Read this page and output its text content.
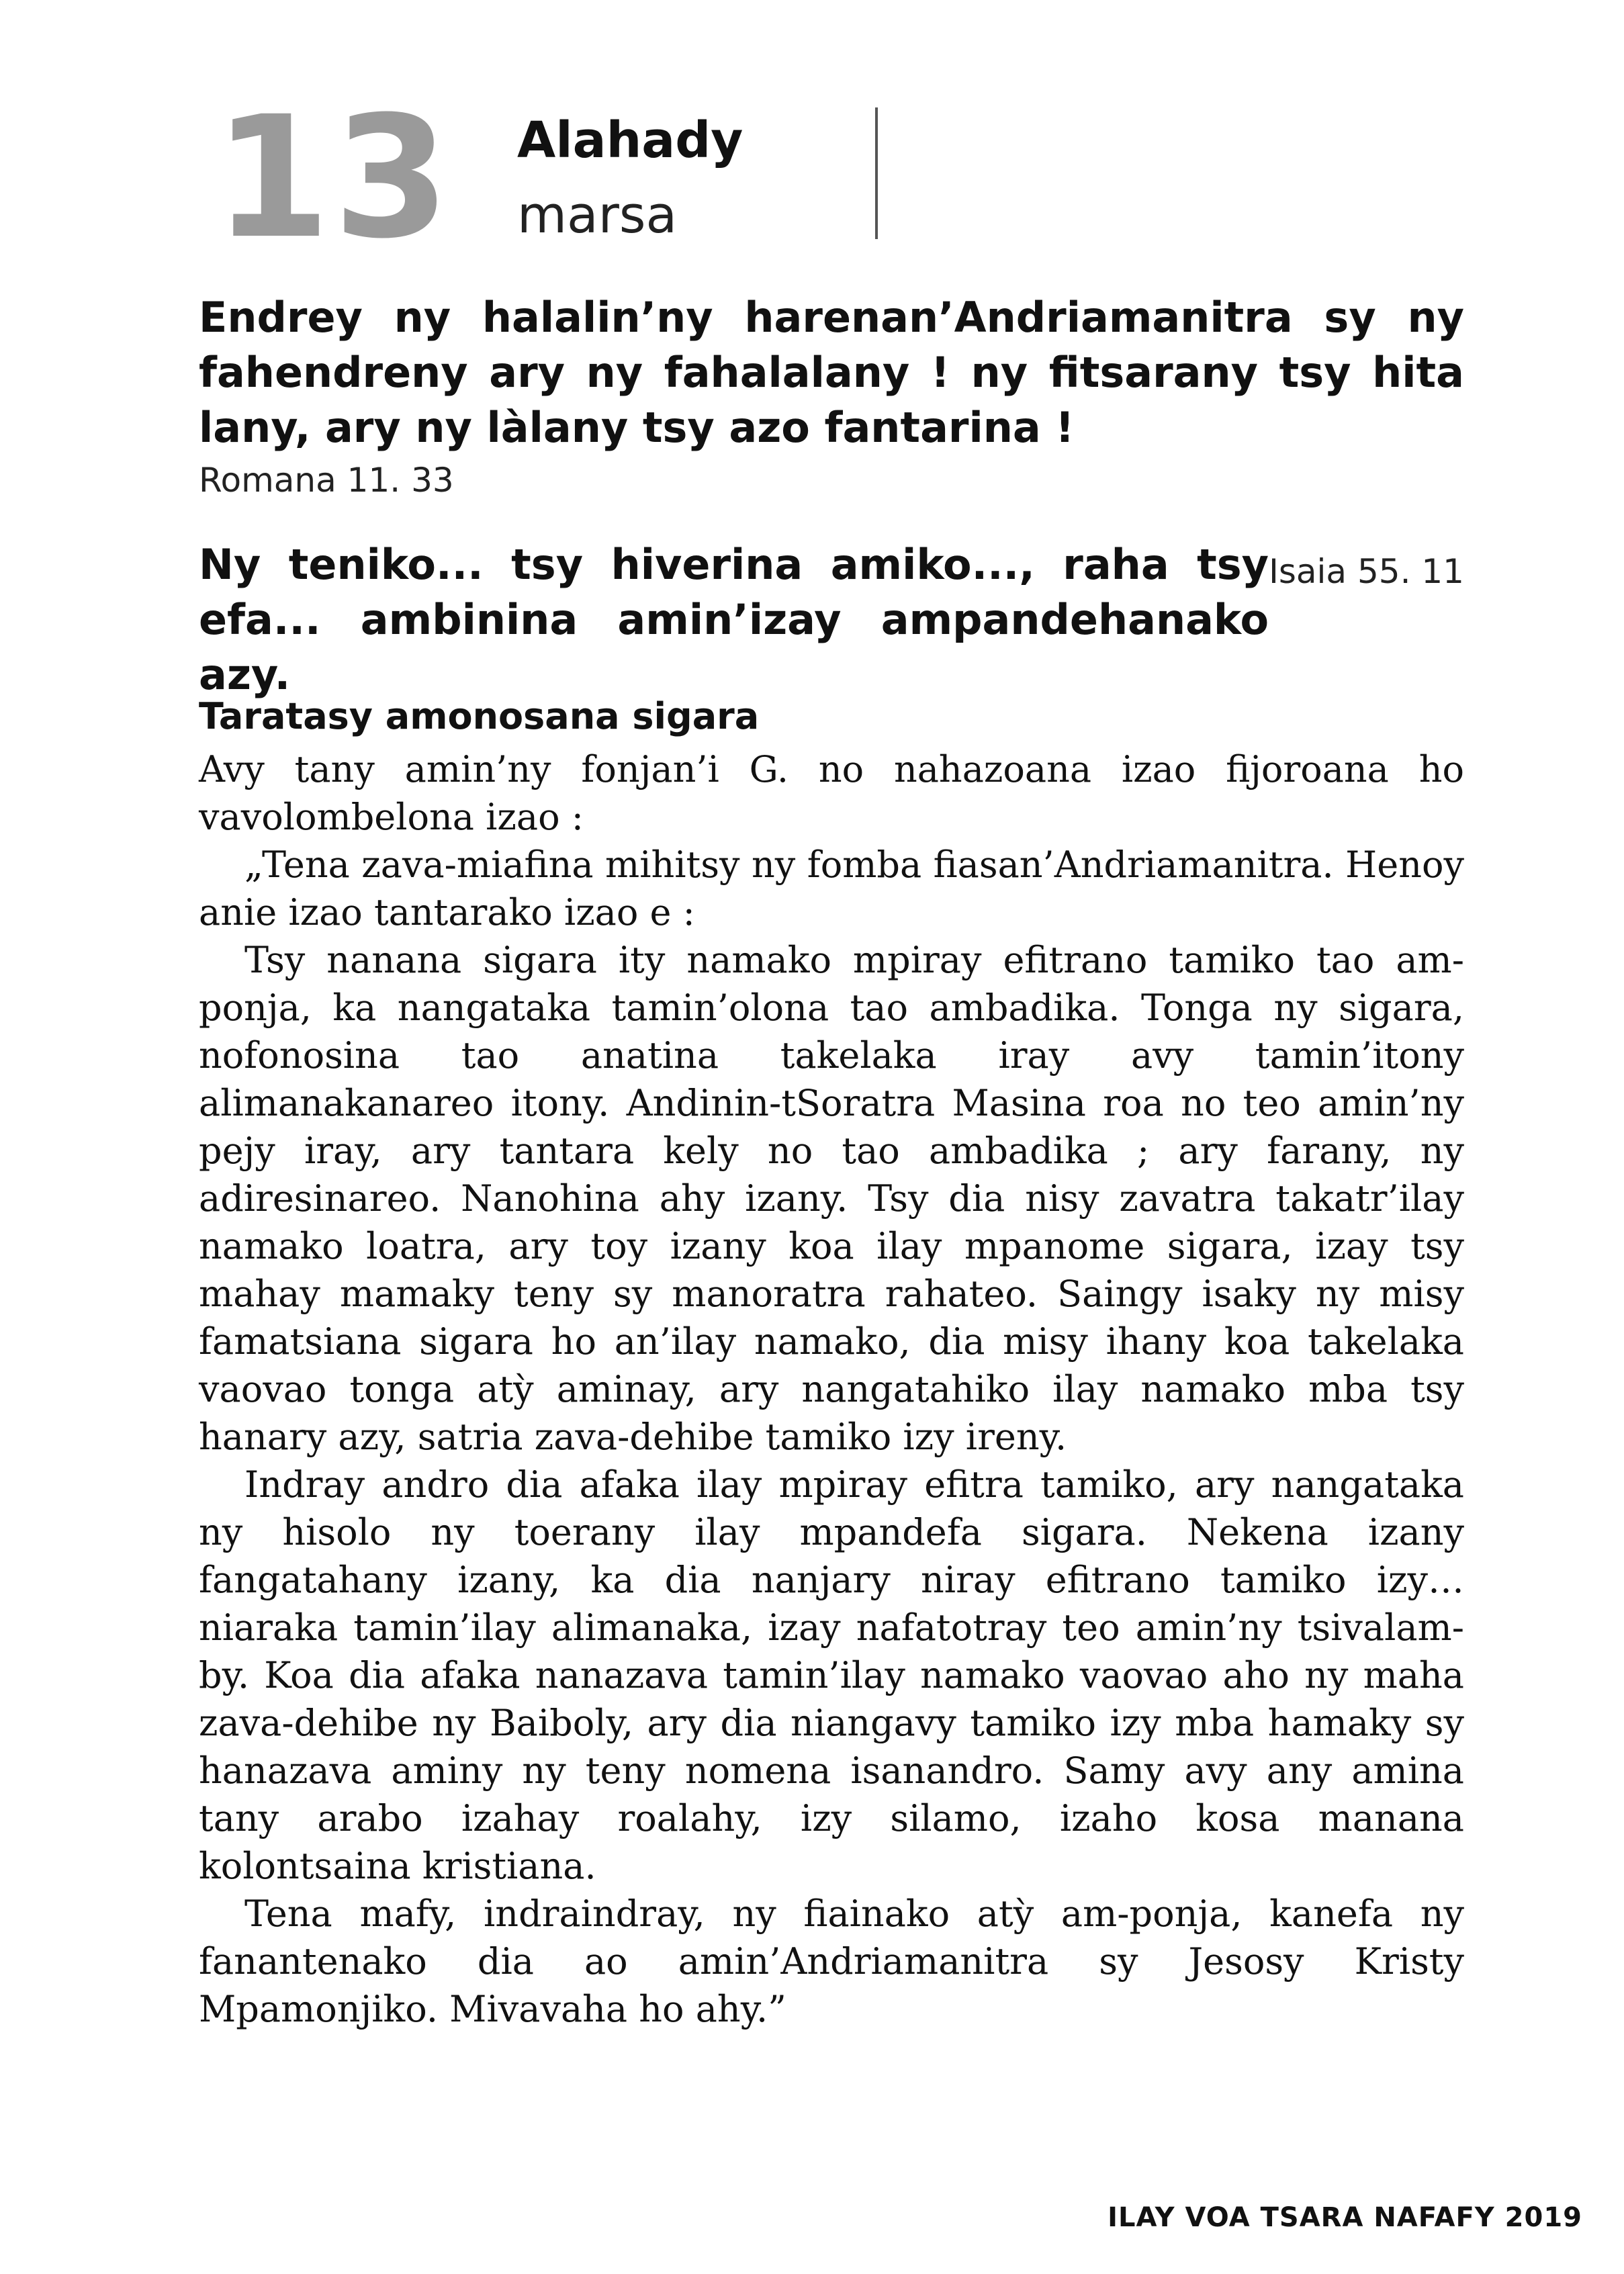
13 Alahady
marsa

Endrey ny halalin’ny harenan’Andriamanitra sy ny fahendreny ary ny fahalalany ! ny fitsarany tsy hita lany, ary ny làlany tsy azo fantarina !

Romana 11. 33

Isaia 55. 11
Ny teniko... tsy hiverina amiko..., raha tsy efa... ambinina amin’izay ampandehanako azy.

Taratasy amonosana sigara

Avy tany amin’ny fonjan’i G. no nahazoana izao fijoroana ho vavolombelona izao :

„Tena zava-miafina mihitsy ny fomba fiasan’Andriamanitra. Henoy anie izao tantarako izao e :

Tsy nanana sigara ity namako mpiray efitrano tamiko tao am-ponja, ka nangataka tamin’olona tao ambadika. Tonga ny sigara, nofonosina tao anatina takelaka iray avy tamin’itony alimanakanareo itony. Andinin-tSoratra Masina roa no teo amin’ny pejy iray, ary tantara kely no tao ambadika ; ary farany, ny adiresinareo. Nanohina ahy izany. Tsy dia nisy zavatra takatr’ilay namako loatra, ary toy izany koa ilay mpanome sigara, izay tsy mahay mamaky teny sy manoratra rahateo. Saingy isaky ny misy famatsiana sigara ho an’ilay namako, dia misy ihany koa takelaka vaovao tonga atỳ aminay, ary nangatahiko ilay namako mba tsy hanary azy, satria zava-dehibe tamiko izy ireny.

Indray andro dia afaka ilay mpiray efitra tamiko, ary nangataka ny hisolo ny toerany ilay mpandefa sigara. Nekena izany fangatahany izany, ka dia nanjary niray efitrano tamiko izy… niaraka tamin’ilay alimanaka, izay nafatotray teo amin’ny tsivalam-by. Koa dia afaka nanazava tamin’ilay namako vaovao aho ny maha zava-dehibe ny Baiboly, ary dia niangavy tamiko izy mba hamaky sy hanazava aminy ny teny nomena isanandro. Samy avy any amina tany arabo izahay roalahy, izy silamo, izaho kosa manana kolontsaina kristiana.

Tena mafy, indraindray, ny fiainako atỳ am-ponja, kanefa ny fanantenako dia ao amin’Andriamanitra sy Jesosy Kristy Mpamonjiko. Mivavaha ho ahy.”

ILAY VOA TSARA NAFAFY 2019
